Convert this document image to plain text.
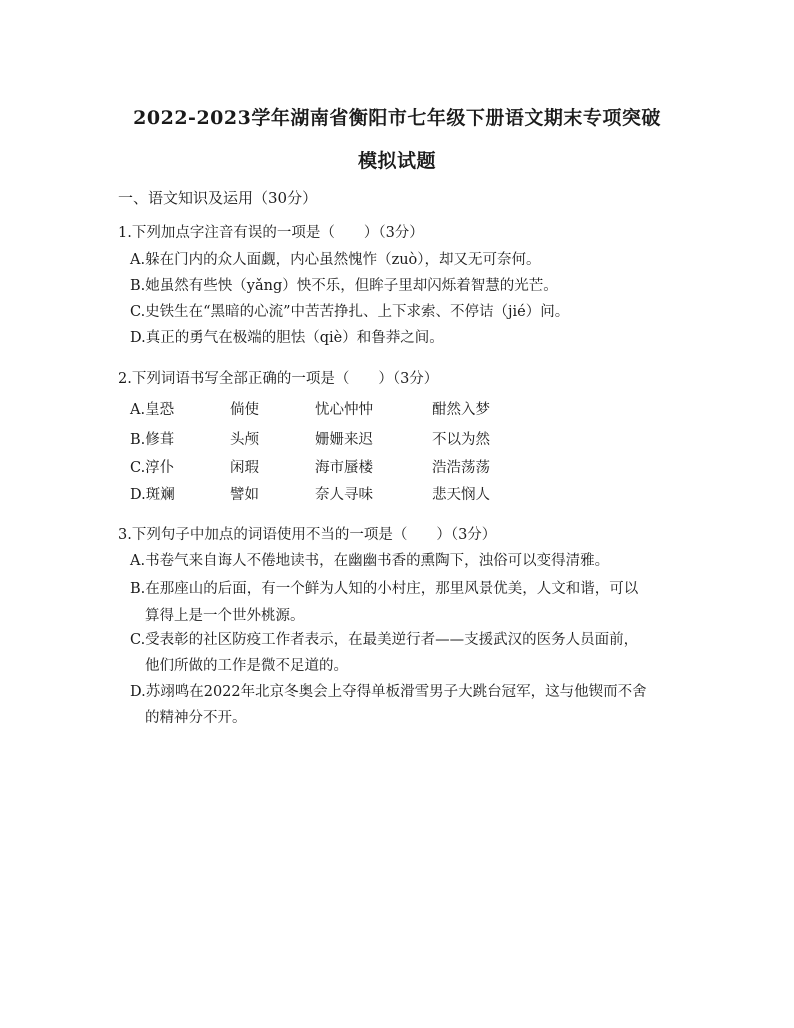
2022-2023学年湖南省衡阳市七年级下册语文期末专项突破
模拟试题
一、语文知识及运用（30分）
1.下列加点字注音有误的一项是（　　）（3分）
A.躲在门内的众人面觑，内心虽然愧怍（zuò），却又无可奈何。
B.她虽然有些怏（yǎng）怏不乐，但眸子里却闪烁着智慧的光芒。
C.史铁生在“黑暗的心流”中苦苦挣扎、上下求索、不停诘（jié）问。
D.真正的勇气在极端的胆怯（qiè）和鲁莽之间。
2.下列词语书写全部正确的一项是（　　）（3分）
A.皇恐	倘使	忧心忡忡	酣然入梦
B.修葺	头颅	姗姗来迟	不以为然
C.淳仆	闲瑕	海市蜃楼	浩浩荡荡
D.斑斓	譬如	奈人寻味	悲天悯人
3.下列句子中加点的词语使用不当的一项是（　　）（3分）
A.书卷气来自诲人不倦地读书，在幽幽书香的熏陶下，浊俗可以变得清雅。
B.在那座山的后面，有一个鲜为人知的小村庄，那里风景优美，人文和谐，可以
算得上是一个世外桃源。
C.受表彰的社区防疫工作者表示，在最美逆行者——支援武汉的医务人员面前，
他们所做的工作是微不足道的。
D.苏翊鸣在2022年北京冬奥会上夺得单板滑雪男子大跳台冠军，这与他锲而不舍
的精神分不开。
